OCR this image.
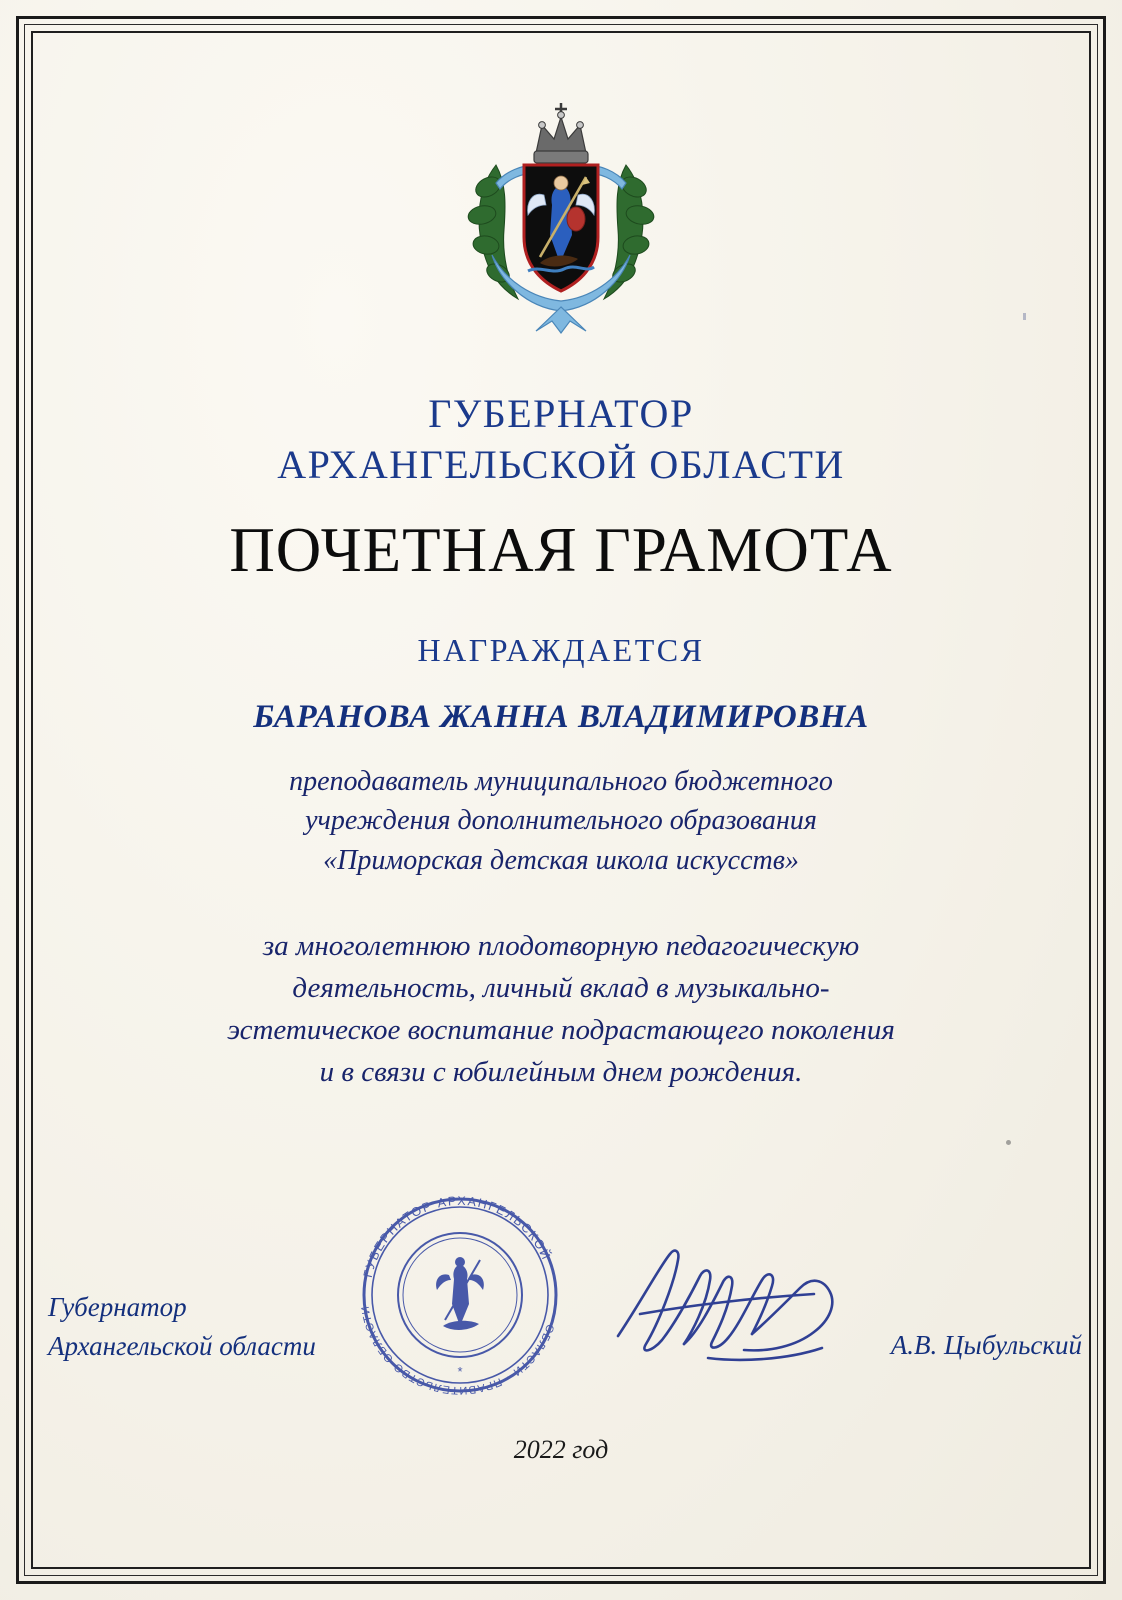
ГУБЕРНАТОР
АРХАНГЕЛЬСКОЙ ОБЛАСТИ
ПОЧЕТНАЯ ГРАМОТА
НАГРАЖДАЕТСЯ
БАРАНОВА ЖАННА ВЛАДИМИРОВНА
преподаватель муниципального бюджетного
учреждения дополнительного образования
«Приморская детская школа искусств»
за многолетнюю плодотворную педагогическую
деятельность, личный вклад в музыкально-
эстетическое воспитание подрастающего поколения
и в связи с юбилейным днем рождения.
Губернатор
Архангельской области
ГУБЕРНАТОР АРХАНГЕЛЬСКОЙ
ОБЛАСТИ · ПРАВИТЕЛЬСТВО ОБЛАСТИ
*
А.В. Цыбульский
2022 год
